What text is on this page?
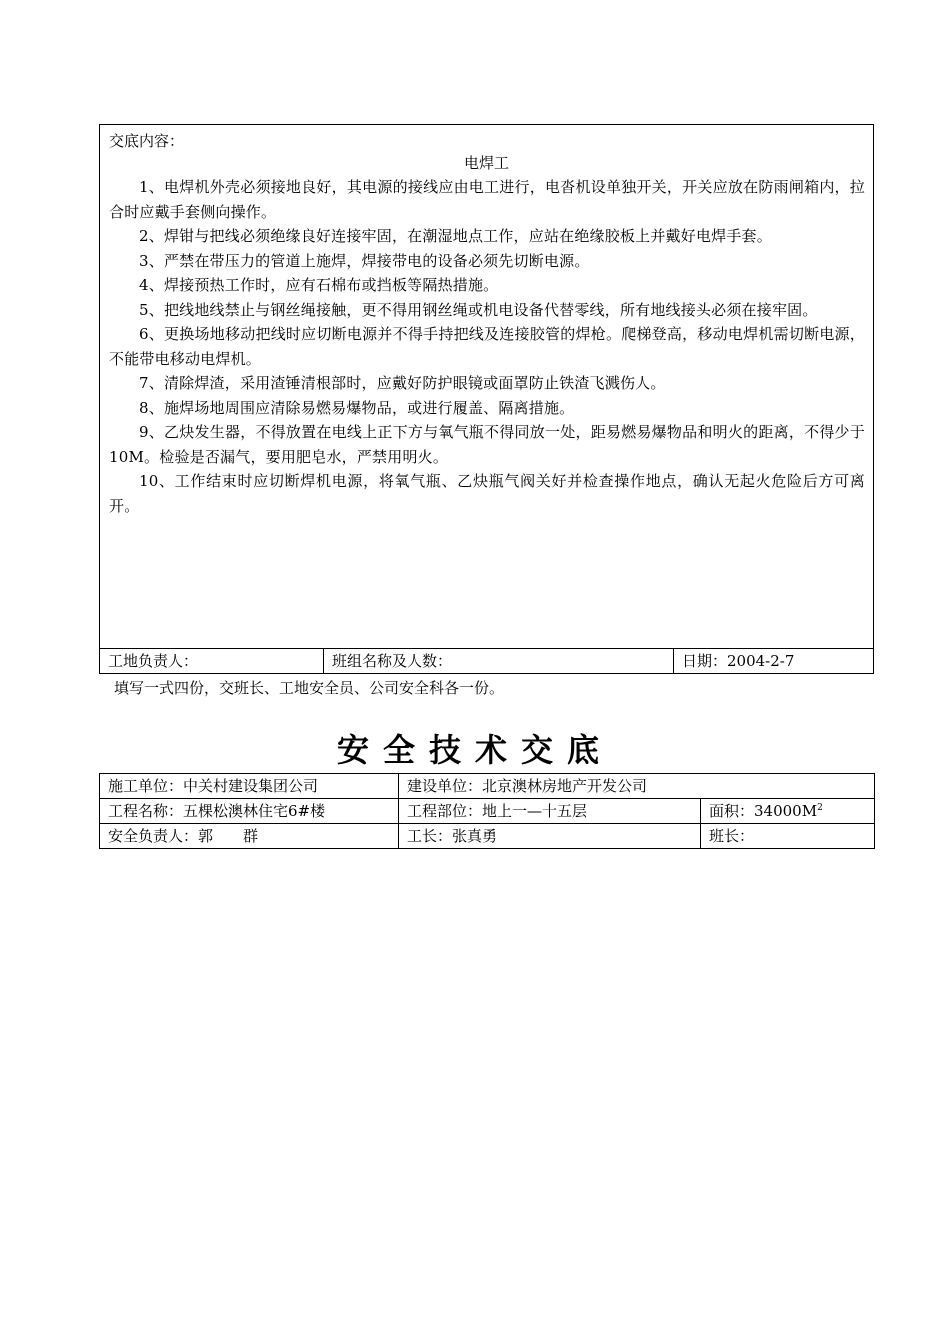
交底内容：
电焊工

1、电焊机外壳必须接地良好，其电源的接线应由电工进行，电沓机设单独开关，开关应放在防雨闸箱内，拉合时应戴手套侧向操作。

2、焊钳与把线必须绝缘良好连接牢固，在潮湿地点工作，应站在绝缘胶板上并戴好电焊手套。

3、严禁在带压力的管道上施焊，焊接带电的设备必须先切断电源。

4、焊接预热工作时，应有石棉布或挡板等隔热措施。

5、把线地线禁止与钢丝绳接触，更不得用钢丝绳或机电设备代替零线，所有地线接头必须在接牢固。

6、更换场地移动把线时应切断电源并不得手持把线及连接胶管的焊枪。爬梯登高，移动电焊机需切断电源，不能带电移动电焊机。

7、清除焊渣，采用渣锤清根部时，应戴好防护眼镜或面罩防止铁渣飞溅伤人。

8、施焊场地周围应清除易燃易爆物品，或进行履盖、隔离措施。

9、乙炔发生器，不得放置在电线上正下方与氧气瓶不得同放一处，距易燃易爆物品和明火的距离，不得少于10M。检验是否漏气，要用肥皂水，严禁用明火。

10、工作结束时应切断焊机电源，将氧气瓶、乙炔瓶气阀关好并检查操作地点，确认无起火危险后方可离开。

工地负责人：	班组名称及人数：	日期：2004-2-7
填写一式四份，交班长、工地安全员、公司安全科各一份。
安全技术交底
施工单位：中关村建设集团公司	建设单位：北京澳林房地产开发公司	
工程名称：五棵松澳林住宅6#楼	工程部位：地上一—十五层	面积：$34000M^2$
安全负责人：郭　　群	工长：张真勇	班长：
